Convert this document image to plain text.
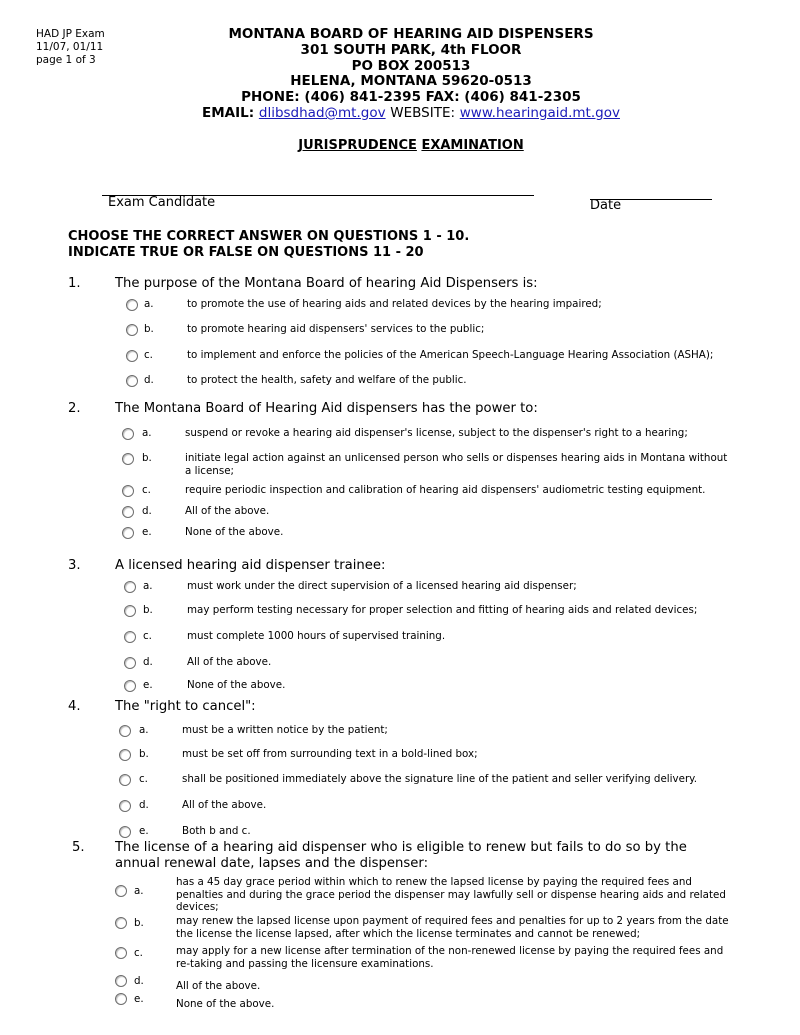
HAD JP Exam
11/07, 01/11
page 1 of 3
MONTANA BOARD OF HEARING AID DISPENSERS
301 SOUTH PARK, 4th FLOOR
PO BOX 200513
HELENA, MONTANA 59620-0513
PHONE: (406) 841-2395 FAX: (406) 841-2305
EMAIL: dlibsdhad@mt.gov WEBSITE: www.hearingaid.mt.gov
JURISPRUDENCE EXAMINATION
Exam Candidate	Date
CHOOSE THE CORRECT ANSWER ON QUESTIONS 1 - 10.
INDICATE TRUE OR FALSE ON QUESTIONS 11 - 20
1.	The purpose of the Montana Board of hearing Aid Dispensers is:
a.	to promote the use of hearing aids and related devices by the hearing impaired;
b.	to promote hearing aid dispensers' services to the public;
c.	to implement and enforce the policies of the American Speech-Language Hearing Association (ASHA);
d.	to protect the health, safety and welfare of the public.
2.	The Montana Board of Hearing Aid dispensers has the power to:
a.	suspend or revoke a hearing aid dispenser's license, subject to the dispenser's right to a hearing;
b.	initiate legal action against an unlicensed person who sells or dispenses hearing aids in Montana without a license;
c.	require periodic inspection and calibration of hearing aid dispensers' audiometric testing equipment.
d.	All of the above.
e.	None of the above.
3.	A licensed hearing aid dispenser trainee:
a.	must work under the direct supervision of a licensed hearing aid dispenser;
b.	may perform testing necessary for proper selection and fitting of hearing aids and related devices;
c.	must complete 1000 hours of supervised training.
d.	All of the above.
e.	None of the above.
4.	The "right to cancel":
a.	must be a written notice by the patient;
b.	must be set off from surrounding text in a bold-lined box;
c.	shall be positioned immediately above the signature line of the patient and seller verifying delivery.
d.	All of the above.
e.	Both b and c.
5. The license of a hearing aid dispenser who is eligible to renew but fails to do so by the annual renewal date, lapses and the dispenser:
a.
has a 45 day grace period within which to renew the lapsed license by paying the required fees and penalties and during the grace period the dispenser may lawfully sell or dispense hearing aids and related devices;
b.	may renew the lapsed license upon payment of required fees and penalties for up to 2 years from the date the license the license lapsed, after which the license terminates and cannot be renewed;
c.	may apply for a new license after termination of the non-renewed license by paying the required fees and re-taking and passing the licensure examinations.
d.	All of the above.
e.	None of the above.
